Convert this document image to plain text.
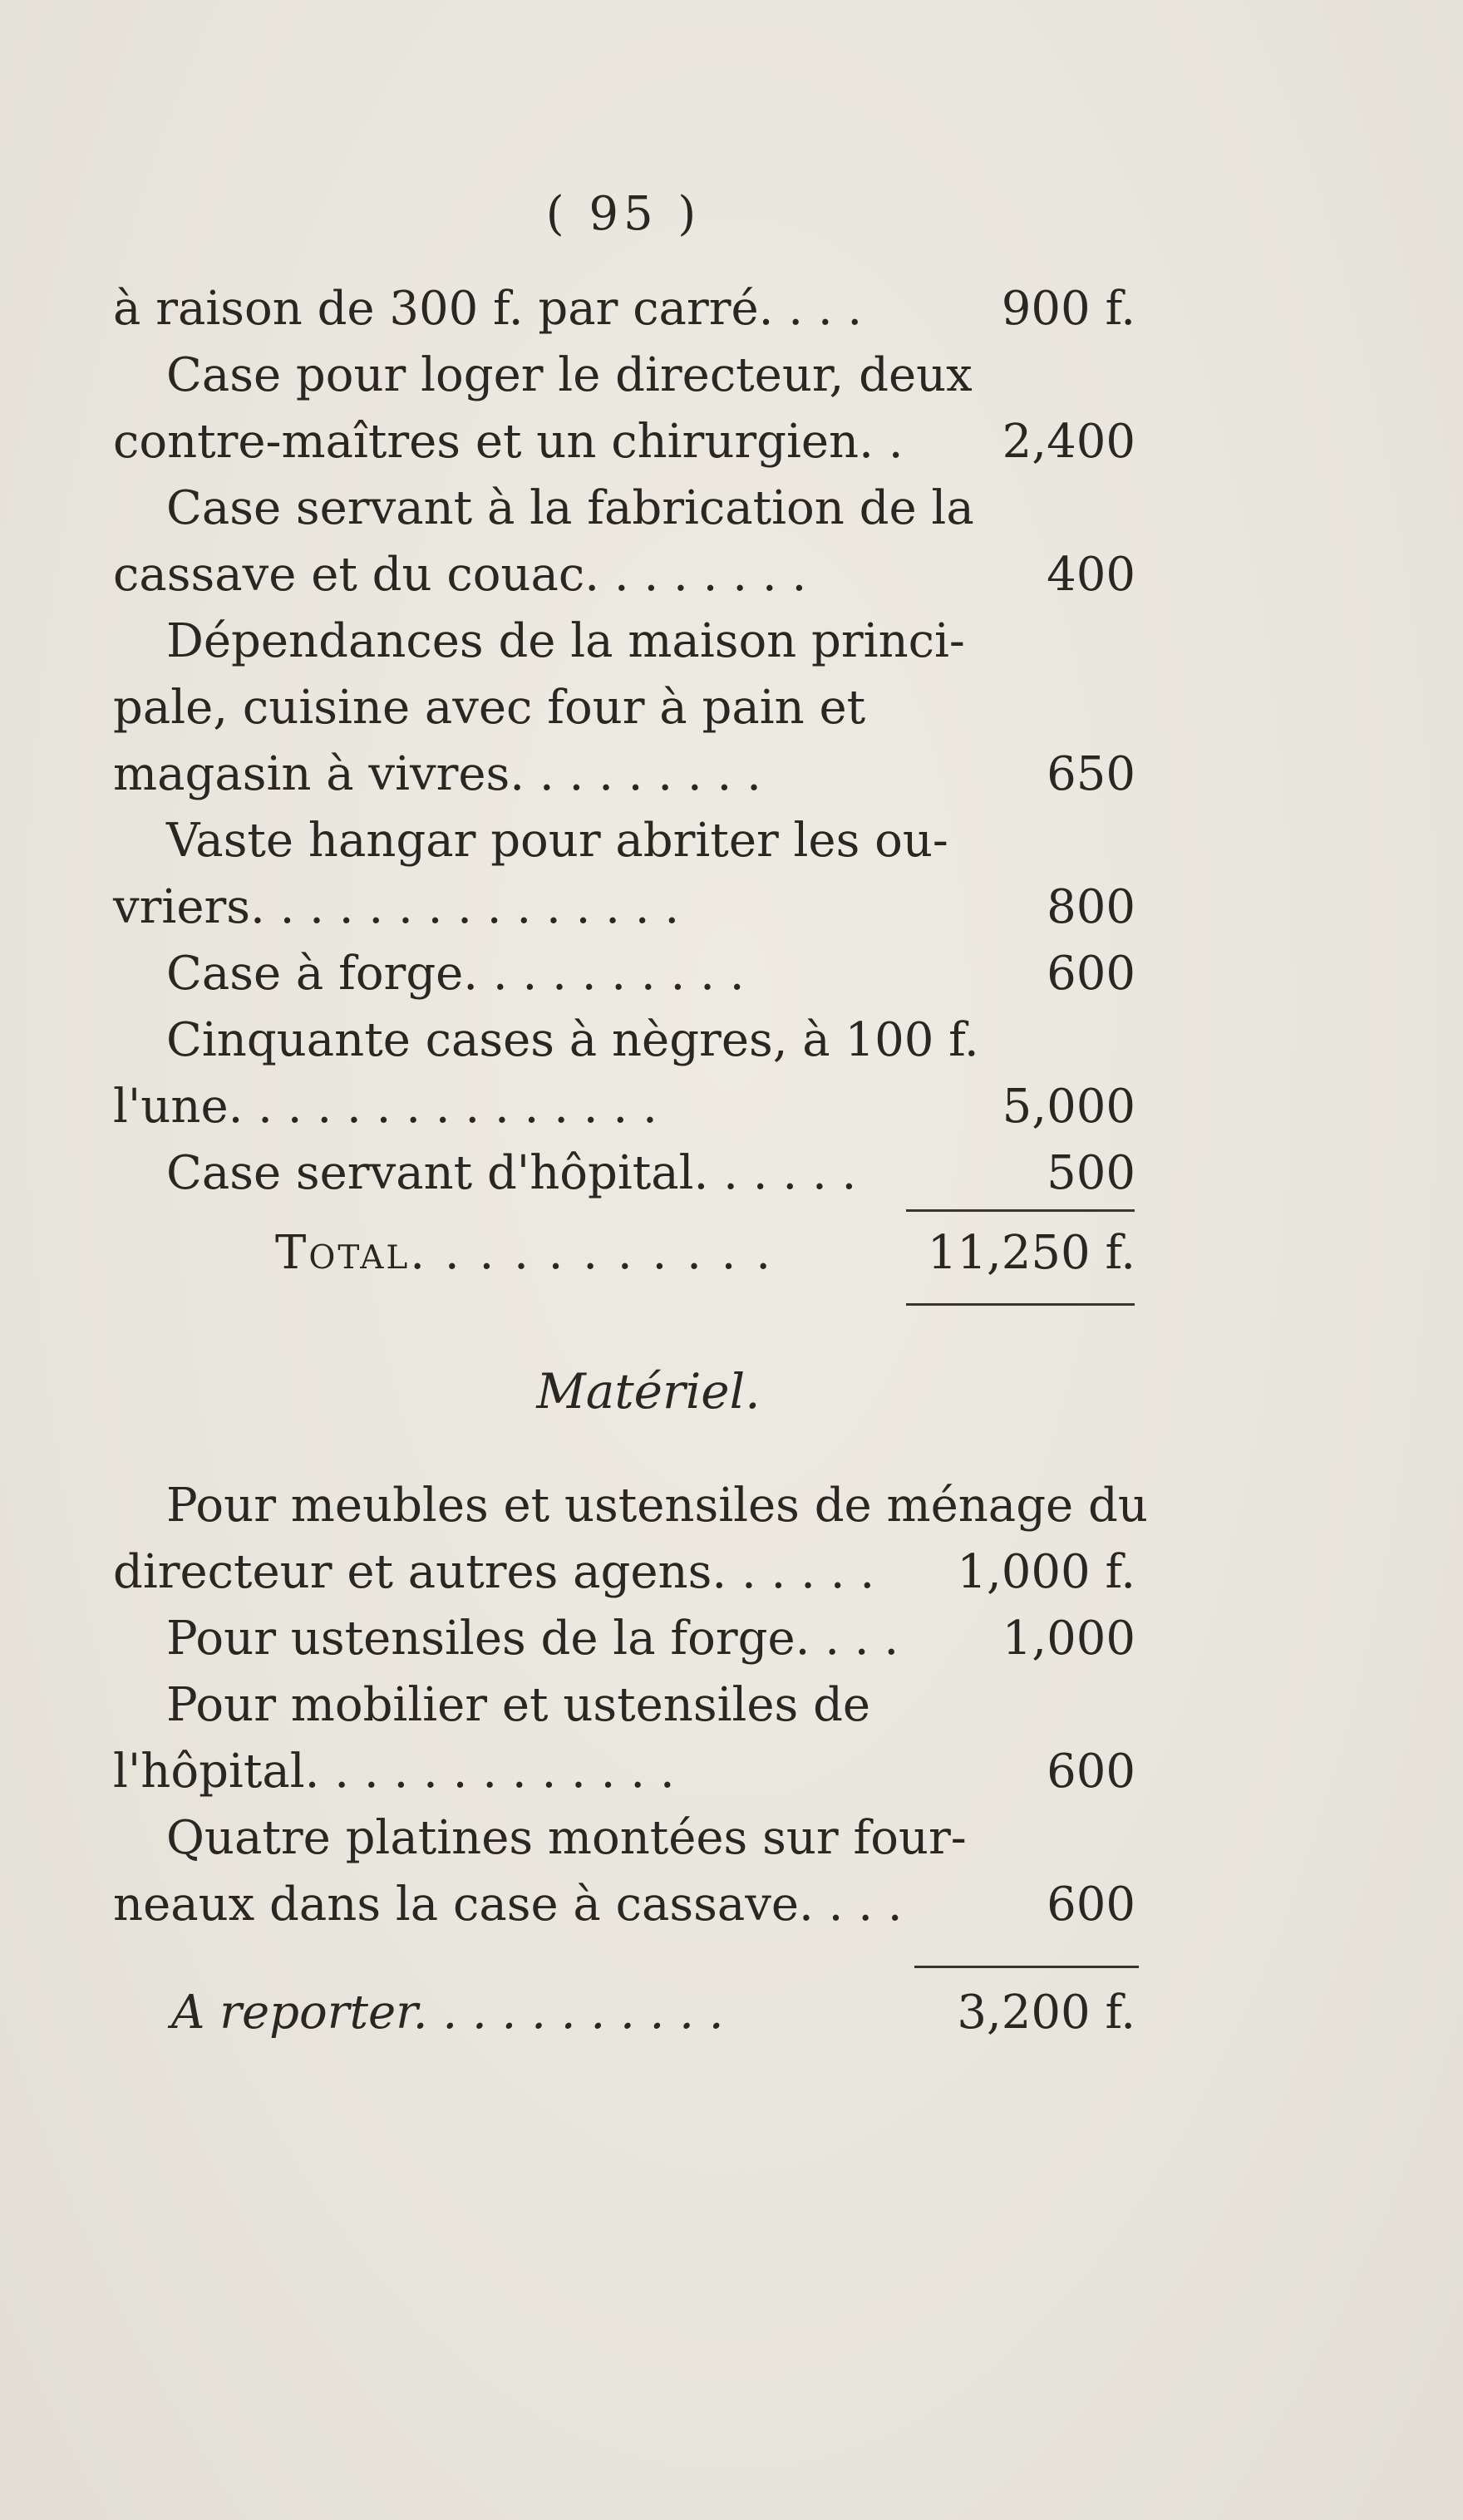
( 95 )
à raison de 300 f. par carré. . . .	900 f.
Case pour loger le directeur, deux
contre-maîtres et un chirurgien. .	2,400
Case servant à la fabrication de la
cassave et du couac. . . . . . . .	400
Dépendances de la maison princi-
pale, cuisine avec four à pain et
magasin à vivres. . . . . . . . .	650
Vaste hangar pour abriter les ou-
vriers. . . . . . . . . . . . . . .	800
Case à forge. . . . . . . . . .	600
Cinquante cases à nègres, à 100 f.
l'une. . . . . . . . . . . . . . .	5,000
Case servant d'hôpital. . . . . .	500
Total. . . . . . . . . . .	11,250 f.
Matériel.
Pour meubles et ustensiles de ménage du
directeur et autres agens. . . . . .	1,000 f.
Pour ustensiles de la forge. . . .	1,000
Pour mobilier et ustensiles de
l'hôpital. . . . . . . . . . . . .	600
Quatre platines montées sur four-
neaux dans la case à cassave. . . .	600
A reporter. . . . . . . . . . .	3,200 f.
